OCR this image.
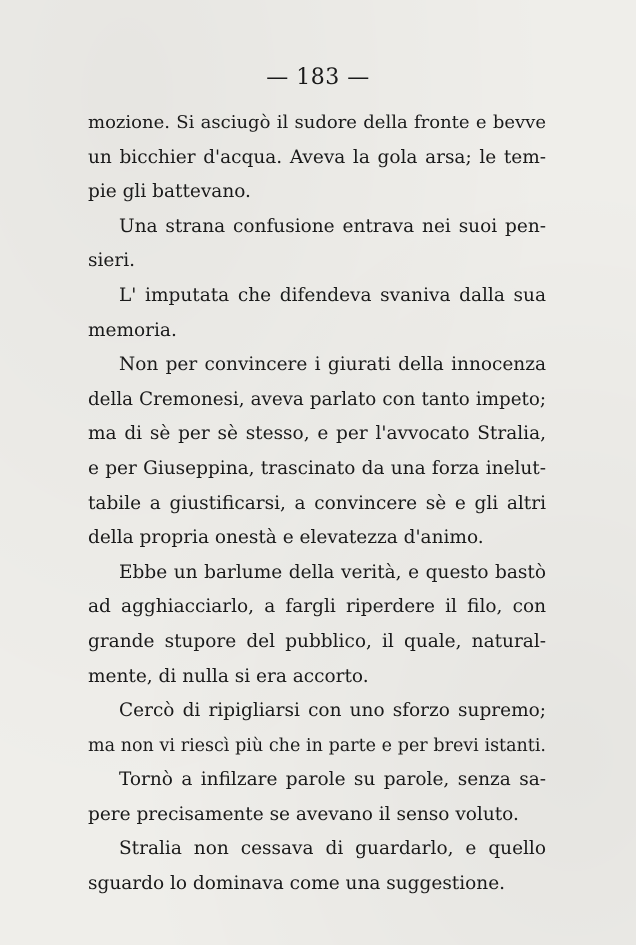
— 183 —
mozione. Si asciugò il sudore della fronte e bevve
un bicchier d'acqua. Aveva la gola arsa; le tem-
pie gli battevano.
Una strana confusione entrava nei suoi pen-
sieri.
L' imputata che difendeva svaniva dalla sua
memoria.
Non per convincere i giurati della innocenza
della Cremonesi, aveva parlato con tanto impeto;
ma di sè per sè stesso, e per l'avvocato Stralia,
e per Giuseppina, trascinato da una forza inelut-
tabile a giustificarsi, a convincere sè e gli altri
della propria onestà e elevatezza d'animo.
Ebbe un barlume della verità, e questo bastò
ad agghiacciarlo, a fargli riperdere il filo, con
grande stupore del pubblico, il quale, natural-
mente, di nulla si era accorto.
Cercò di ripigliarsi con uno sforzo supremo;
ma non vi riescì più che in parte e per brevi istanti.
Tornò a infilzare parole su parole, senza sa-
pere precisamente se avevano il senso voluto.
Stralia non cessava di guardarlo, e quello
sguardo lo dominava come una suggestione.
